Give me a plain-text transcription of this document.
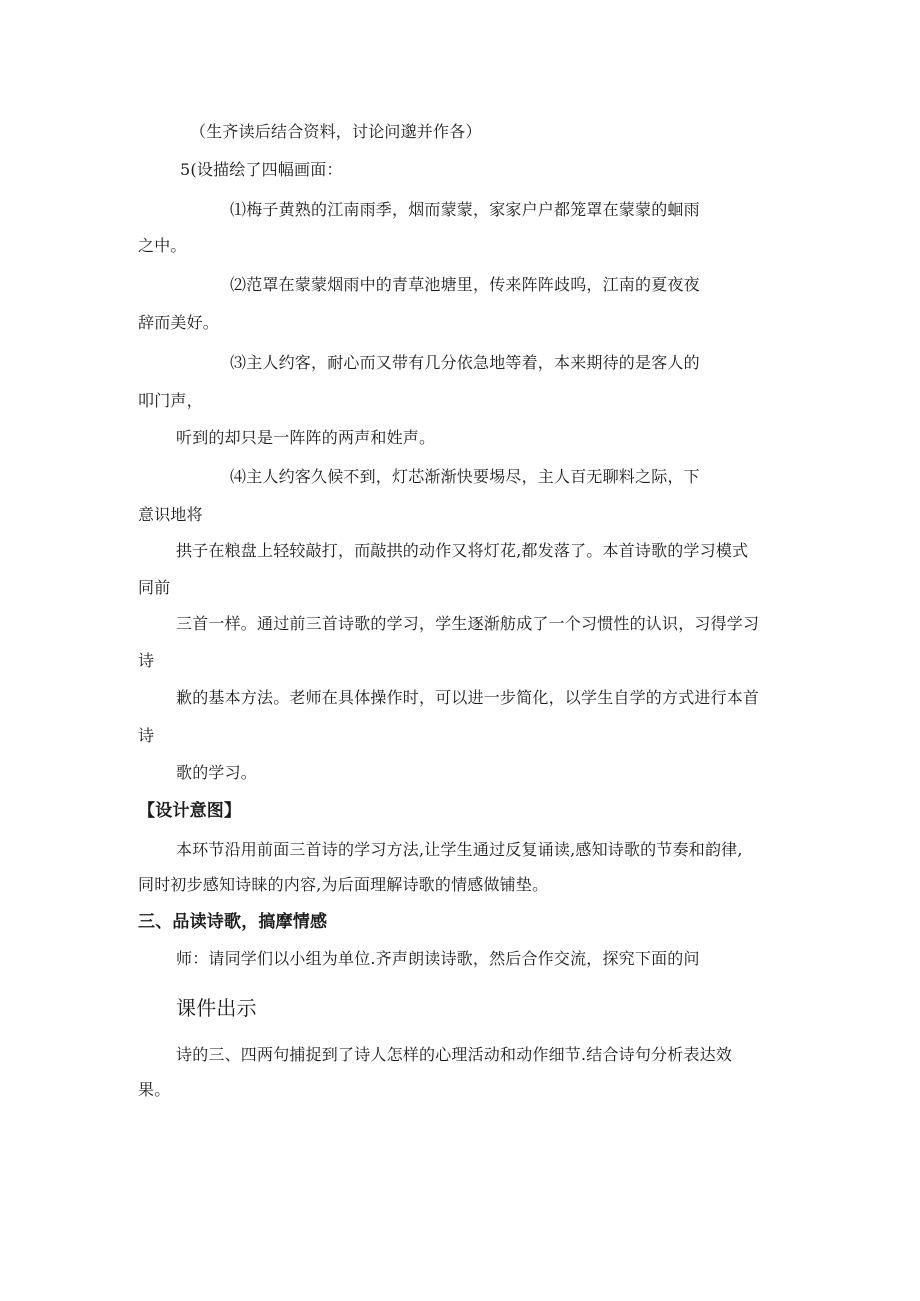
（生齐读后结合资料，讨论问邈并作各）
5(设描绘了四幅画面：
⑴梅子黄熟的江南雨季，烟而蒙蒙，家家户户都笼罩在蒙蒙的蛔雨
之中。
⑵范罩在蒙蒙烟雨中的青草池塘里，传来阵阵歧呜，江南的夏夜夜
辞而美好。
⑶主人约客，耐心而又带有几分依急地等着，本来期待的是客人的
叩门声，
听到的却只是一阵阵的两声和姓声。
⑷主人约客久候不到，灯芯渐渐快要埸尽，主人百无聊料之际，下
意识地将
拱子在粮盘上轻较敲打，而敲拱的动作又将灯花,都发落了。本首诗歌的学习模式
同前
三首一样。通过前三首诗歌的学习，学生逐渐舫成了一个习惯性的认识，习得学习
诗
歉的基本方法。老师在具体操作时，可以进一步简化，以学生自学的方式进行本首
诗
歌的学习。
【设计意图】
本环节沿用前面三首诗的学习方法,让学生通过反复诵读,感知诗歌的节奏和韵律,
同时初步感知诗睐的内容,为后面理解诗歌的情感做铺垫。
三、品读诗歌，搞摩情感
师：请同学们以小组为单位.齐声朗读诗歌，然后合作交流，探究下面的问
课件出示
诗的三、四两句捕捉到了诗人怎样的心理活动和动作细节.结合诗句分析表达效
果。
